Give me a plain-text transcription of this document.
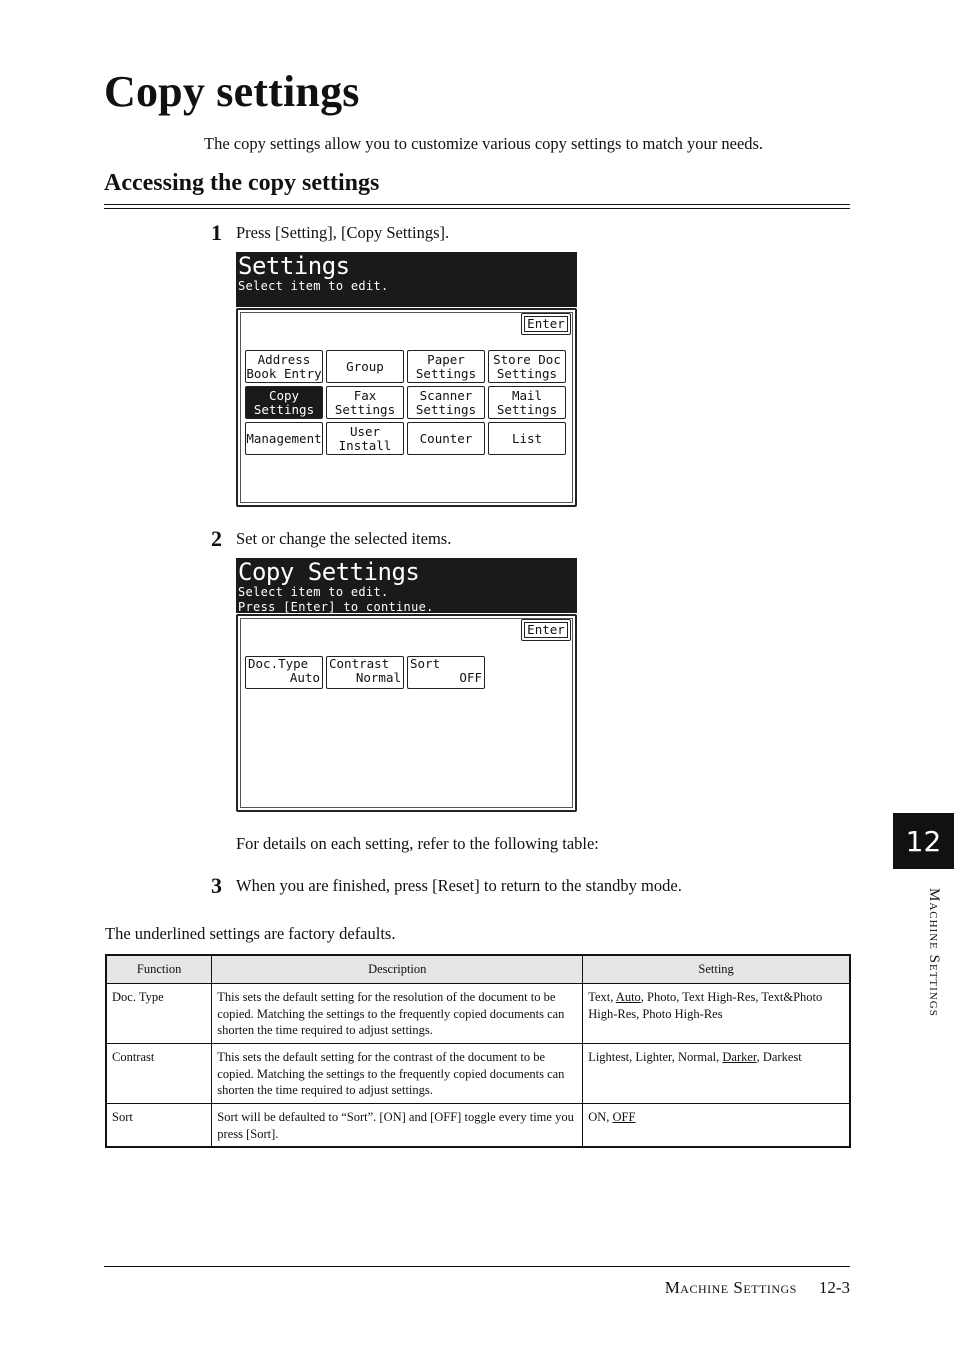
Copy settings
The copy settings allow you to customize various copy settings to match your needs.
Accessing the copy settings
1 Press [Setting], [Copy Settings].
Settings
Select item to edit.
Enter
Address
Book Entry	Group	Paper
Settings
Store Doc
Settings
Copy
Settings
Fax
Settings
Scanner
Settings
Mail
Settings
Management	User
Install	Counter	List
2 Set or change the selected items.
Copy Settings
Select item to edit.
Press [Enter] to continue.
Enter
Doc.Type
Auto
Contrast
Normal
Sort
OFF
For details on each setting, refer to the following table:
3 When you are finished, press [Reset] to return to the standby mode.
The underlined settings are factory defaults.
Function	Description	Setting
Doc. Type	This sets the default setting for the resolution of the document to be copied. Matching the settings to the frequently copied documents can shorten the time required to adjust settings.	Text, Auto, Photo, Text High-Res, Text&Photo High-Res, Photo High-Res
Contrast	This sets the default setting for the contrast of the document to be copied. Matching the settings to the frequently copied documents can shorten the time required to adjust settings.	Lightest, Lighter, Normal, Darker, Darkest
Sort	Sort will be defaulted to “Sort”. [ON] and [OFF] toggle every time you press [Sort].	ON, OFF
12
Machine Settings
Machine Settings 12-3
